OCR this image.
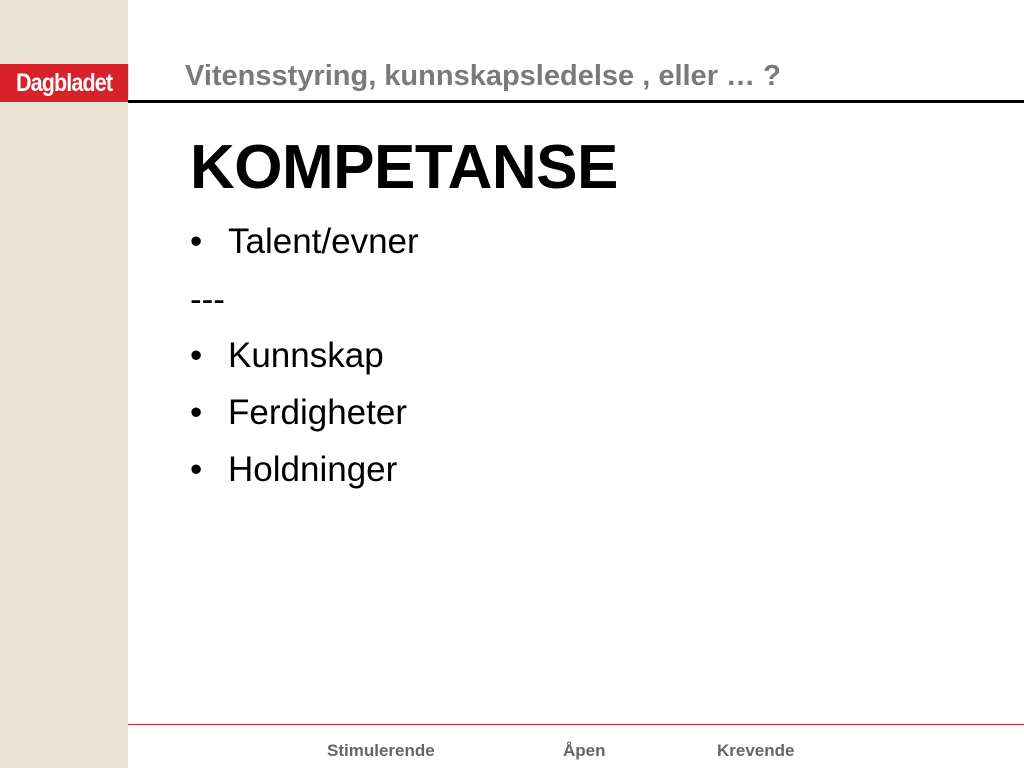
Dagbladet	Vitensstyring, kunnskapsledelse , eller … ?
KOMPETANSE
• Talent/evner
---
• Kunnskap
• Ferdigheter
• Holdninger
Stimulerende	Åpen	Krevende
